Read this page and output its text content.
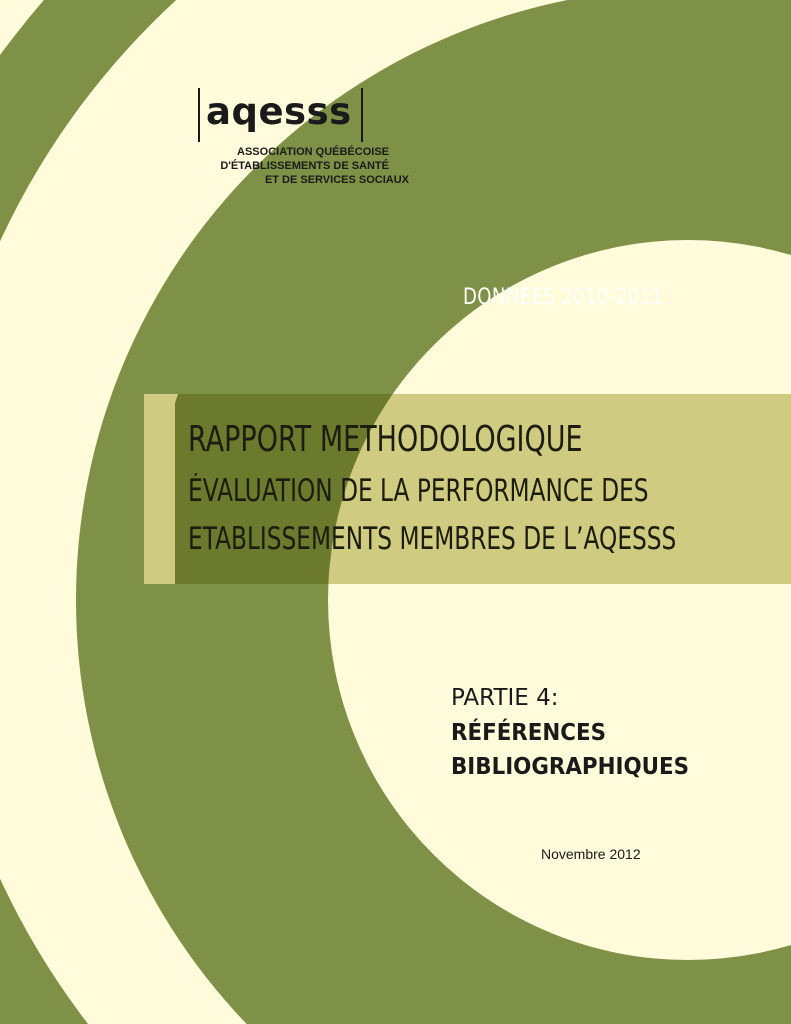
aqesss
ASSOCIATION QUÉBÉCOISE
D'ÉTABLISSEMENTS DE SANTÉ
ET DE SERVICES SOCIAUX
DONNEES 2010-2011
RAPPORT METHODOLOGIQUE
ÉVALUATION DE LA PERFORMANCE DES
ETABLISSEMENTS MEMBRES DE L’AQESSS
PARTIE 4:
RÉFÉRENCES
BIBLIOGRAPHIQUES
Novembre 2012
